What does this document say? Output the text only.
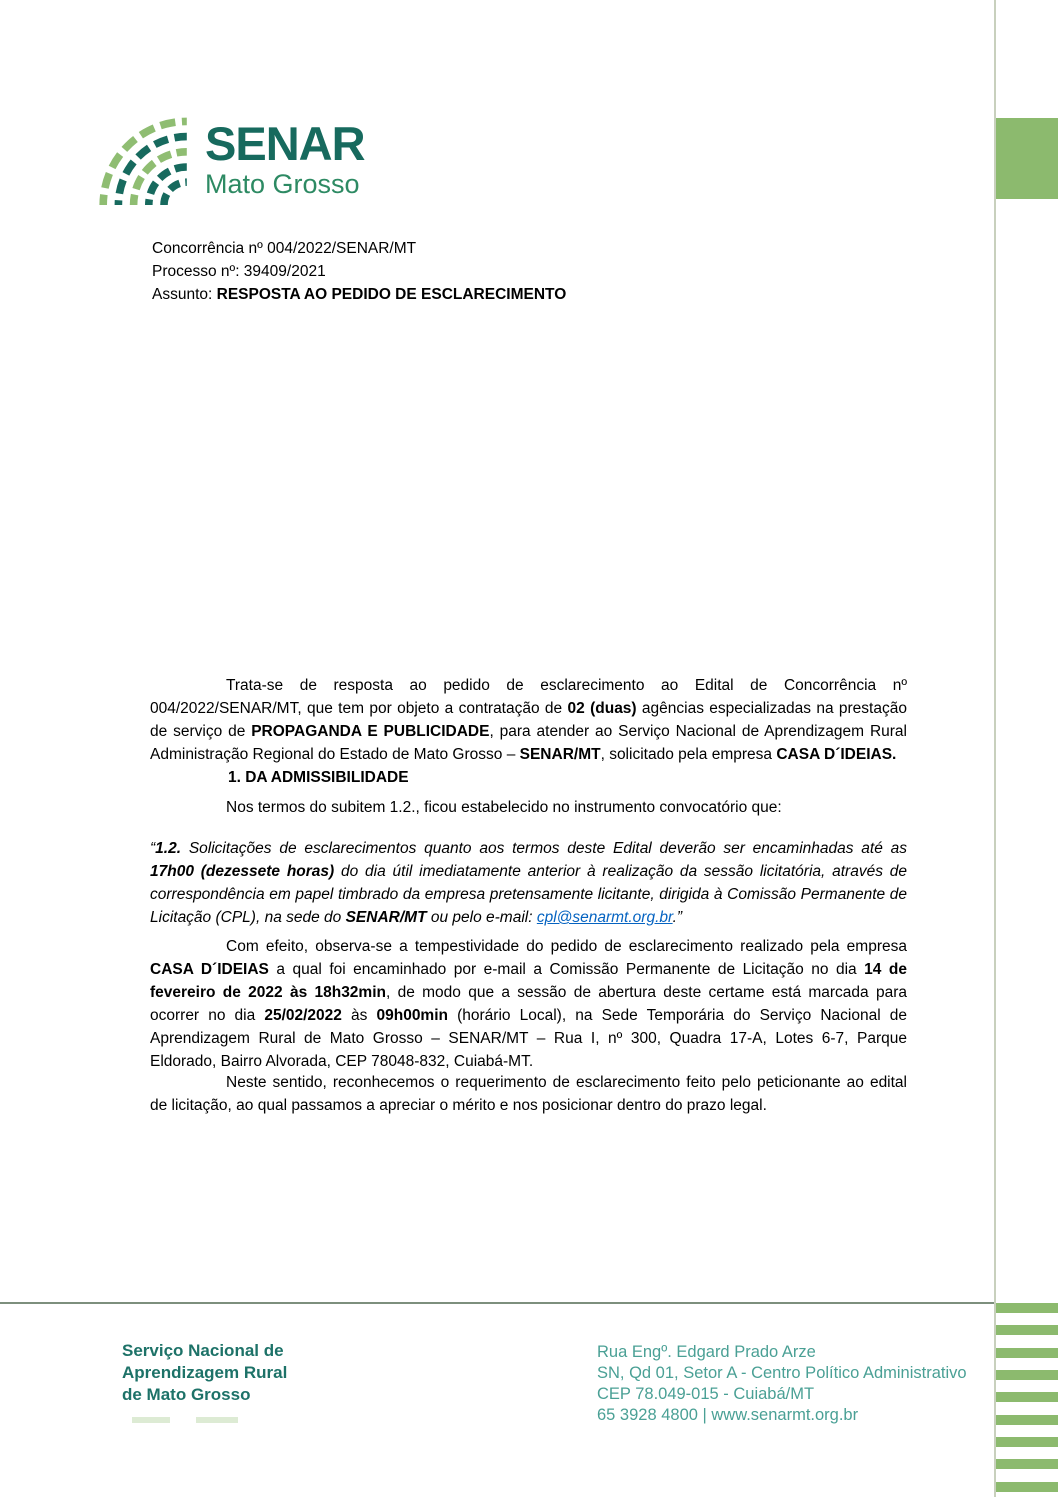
SENAR
Mato Grosso
Concorrência nº 004/2022/SENAR/MT
Processo nº: 39409/2021
Assunto: RESPOSTA AO PEDIDO DE ESCLARECIMENTO

Trata-se de resposta ao pedido de esclarecimento ao Edital de Concorrência nº 004/2022/SENAR/MT, que tem por objeto a contratação de 02 (duas) agências especializadas na prestação de serviço de PROPAGANDA E PUBLICIDADE, para atender ao Serviço Nacional de Aprendizagem Rural Administração Regional do Estado de Mato Grosso – SENAR/MT, solicitado pela empresa CASA D´IDEIAS.

1. DA ADMISSIBILIDADE

Nos termos do subitem 1.2., ficou estabelecido no instrumento convocatório que:

“1.2. Solicitações de esclarecimentos quanto aos termos deste Edital deverão ser encaminhadas até as 17h00 (dezessete horas) do dia útil imediatamente anterior à realização da sessão licitatória, através de correspondência em papel timbrado da empresa pretensamente licitante, dirigida à Comissão Permanente de Licitação (CPL), na sede do SENAR/MT ou pelo e-mail: cpl@senarmt.org.br.”

Com efeito, observa-se a tempestividade do pedido de esclarecimento realizado pela empresa CASA D´IDEIAS a qual foi encaminhado por e-mail a Comissão Permanente de Licitação no dia 14 de fevereiro de 2022 às 18h32min, de modo que a sessão de abertura deste certame está marcada para ocorrer no dia 25/02/2022 às 09h00min (horário Local), na Sede Temporária do Serviço Nacional de Aprendizagem Rural de Mato Grosso – SENAR/MT – Rua I, nº 300, Quadra 17-A, Lotes 6-7, Parque Eldorado, Bairro Alvorada, CEP 78048-832, Cuiabá-MT.

Neste sentido, reconhecemos o requerimento de esclarecimento feito pelo peticionante ao edital de licitação, ao qual passamos a apreciar o mérito e nos posicionar dentro do prazo legal.

Serviço Nacional de
Aprendizagem Rural
de Mato Grosso
Rua Engº. Edgard Prado Arze
SN, Qd 01, Setor A - Centro Político Administrativo
CEP 78.049-015 - Cuiabá/MT
65 3928 4800 | www.senarmt.org.br
